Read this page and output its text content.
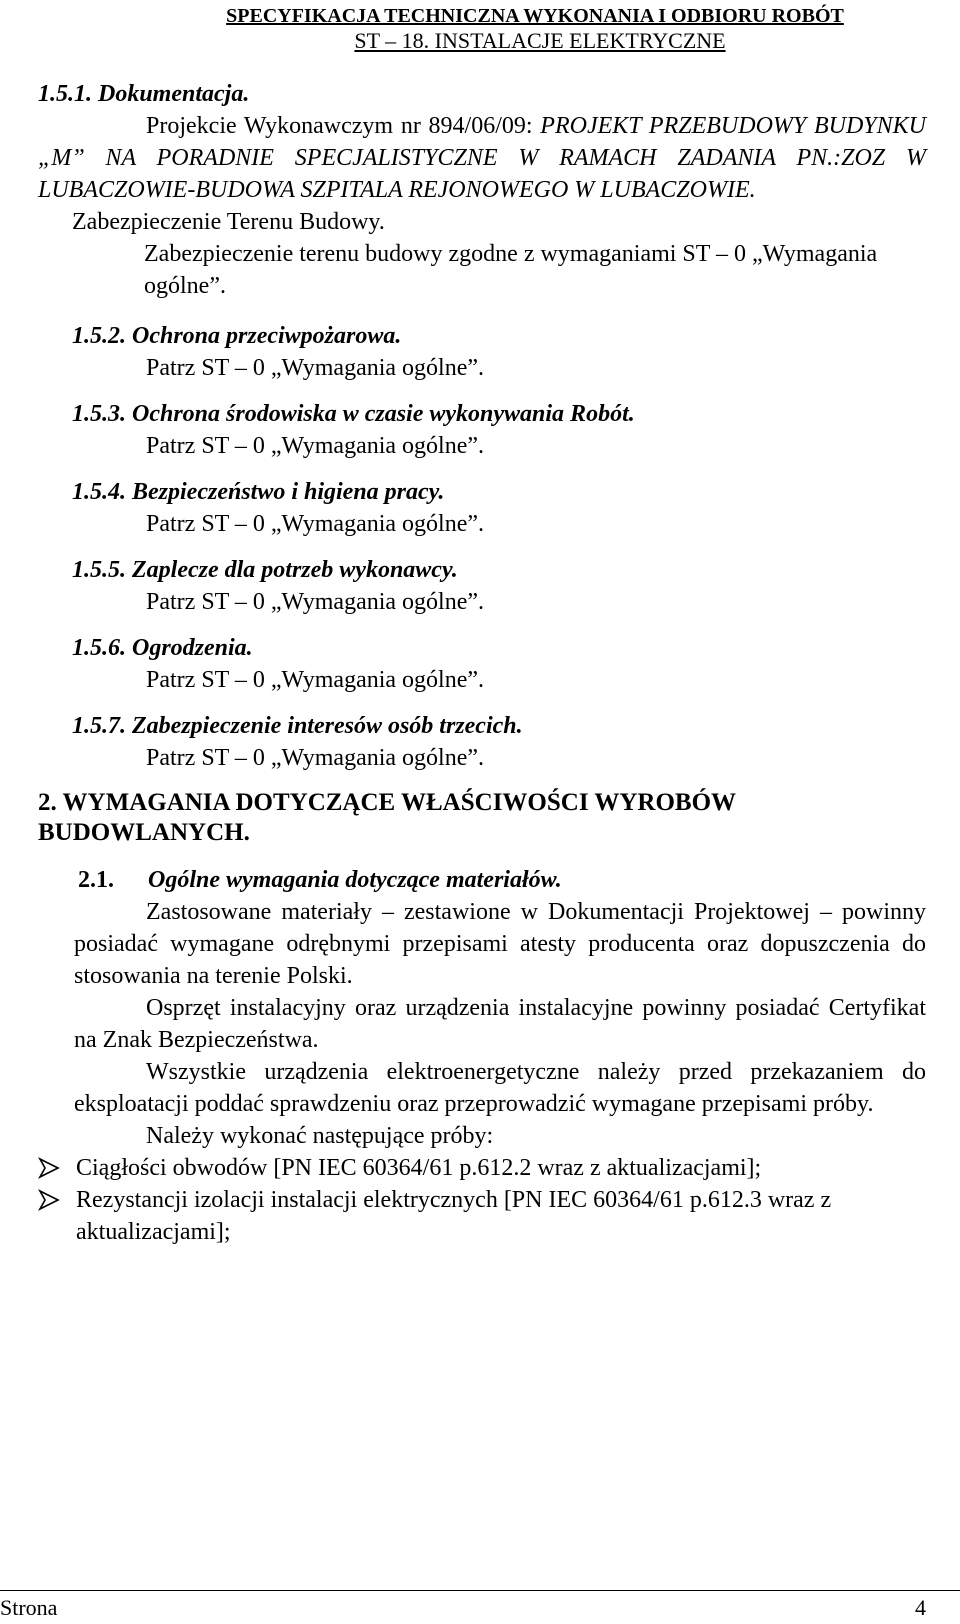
SPECYFIKACJA TECHNICZNA WYKONANIA I ODBIORU ROBÓT
ST – 18. INSTALACJE ELEKTRYCZNE

1.5.1. Dokumentacja.

Projekcie Wykonawczym nr 894/06/09: PROJEKT PRZEBUDOWY BUDYNKU „M” NA PORADNIE SPECJALISTYCZNE W RAMACH ZADANIA PN.:ZOZ W LUBACZOWIE-BUDOWA SZPITALA REJONOWEGO W LUBACZOWIE.

Zabezpieczenie Terenu Budowy.

Zabezpieczenie terenu budowy zgodne z wymaganiami ST – 0 „Wymagania ogólne”.

1.5.2. Ochrona przeciwpożarowa.

Patrz ST – 0 „Wymagania ogólne”.

1.5.3. Ochrona środowiska w czasie wykonywania Robót.

Patrz ST – 0 „Wymagania ogólne”.

1.5.4. Bezpieczeństwo i higiena pracy.

Patrz ST – 0 „Wymagania ogólne”.

1.5.5. Zaplecze dla potrzeb wykonawcy.

Patrz ST – 0 „Wymagania ogólne”.

1.5.6. Ogrodzenia.

Patrz ST – 0 „Wymagania ogólne”.

1.5.7. Zabezpieczenie interesów osób trzecich.

Patrz ST – 0 „Wymagania ogólne”.

2. WYMAGANIA DOTYCZĄCE WŁAŚCIWOŚCI WYROBÓW BUDOWLANYCH.

2.1. Ogólne wymagania dotyczące materiałów.

Zastosowane materiały – zestawione w Dokumentacji Projektowej – powinny posiadać wymagane odrębnymi przepisami atesty producenta oraz dopuszczenia do stosowania na terenie Polski.

Osprzęt instalacyjny oraz urządzenia instalacyjne powinny posiadać Certyfikat na Znak Bezpieczeństwa.

Wszystkie urządzenia elektroenergetyczne należy przed przekazaniem do eksploatacji poddać sprawdzeniu oraz przeprowadzić wymagane przepisami próby.

Należy wykonać następujące próby:

Ciągłości obwodów [PN IEC 60364/61 p.612.2 wraz z aktualizacjami];
Rezystancji izolacji instalacji elektrycznych [PN IEC 60364/61 p.612.3 wraz z aktualizacjami];
Strona	4
